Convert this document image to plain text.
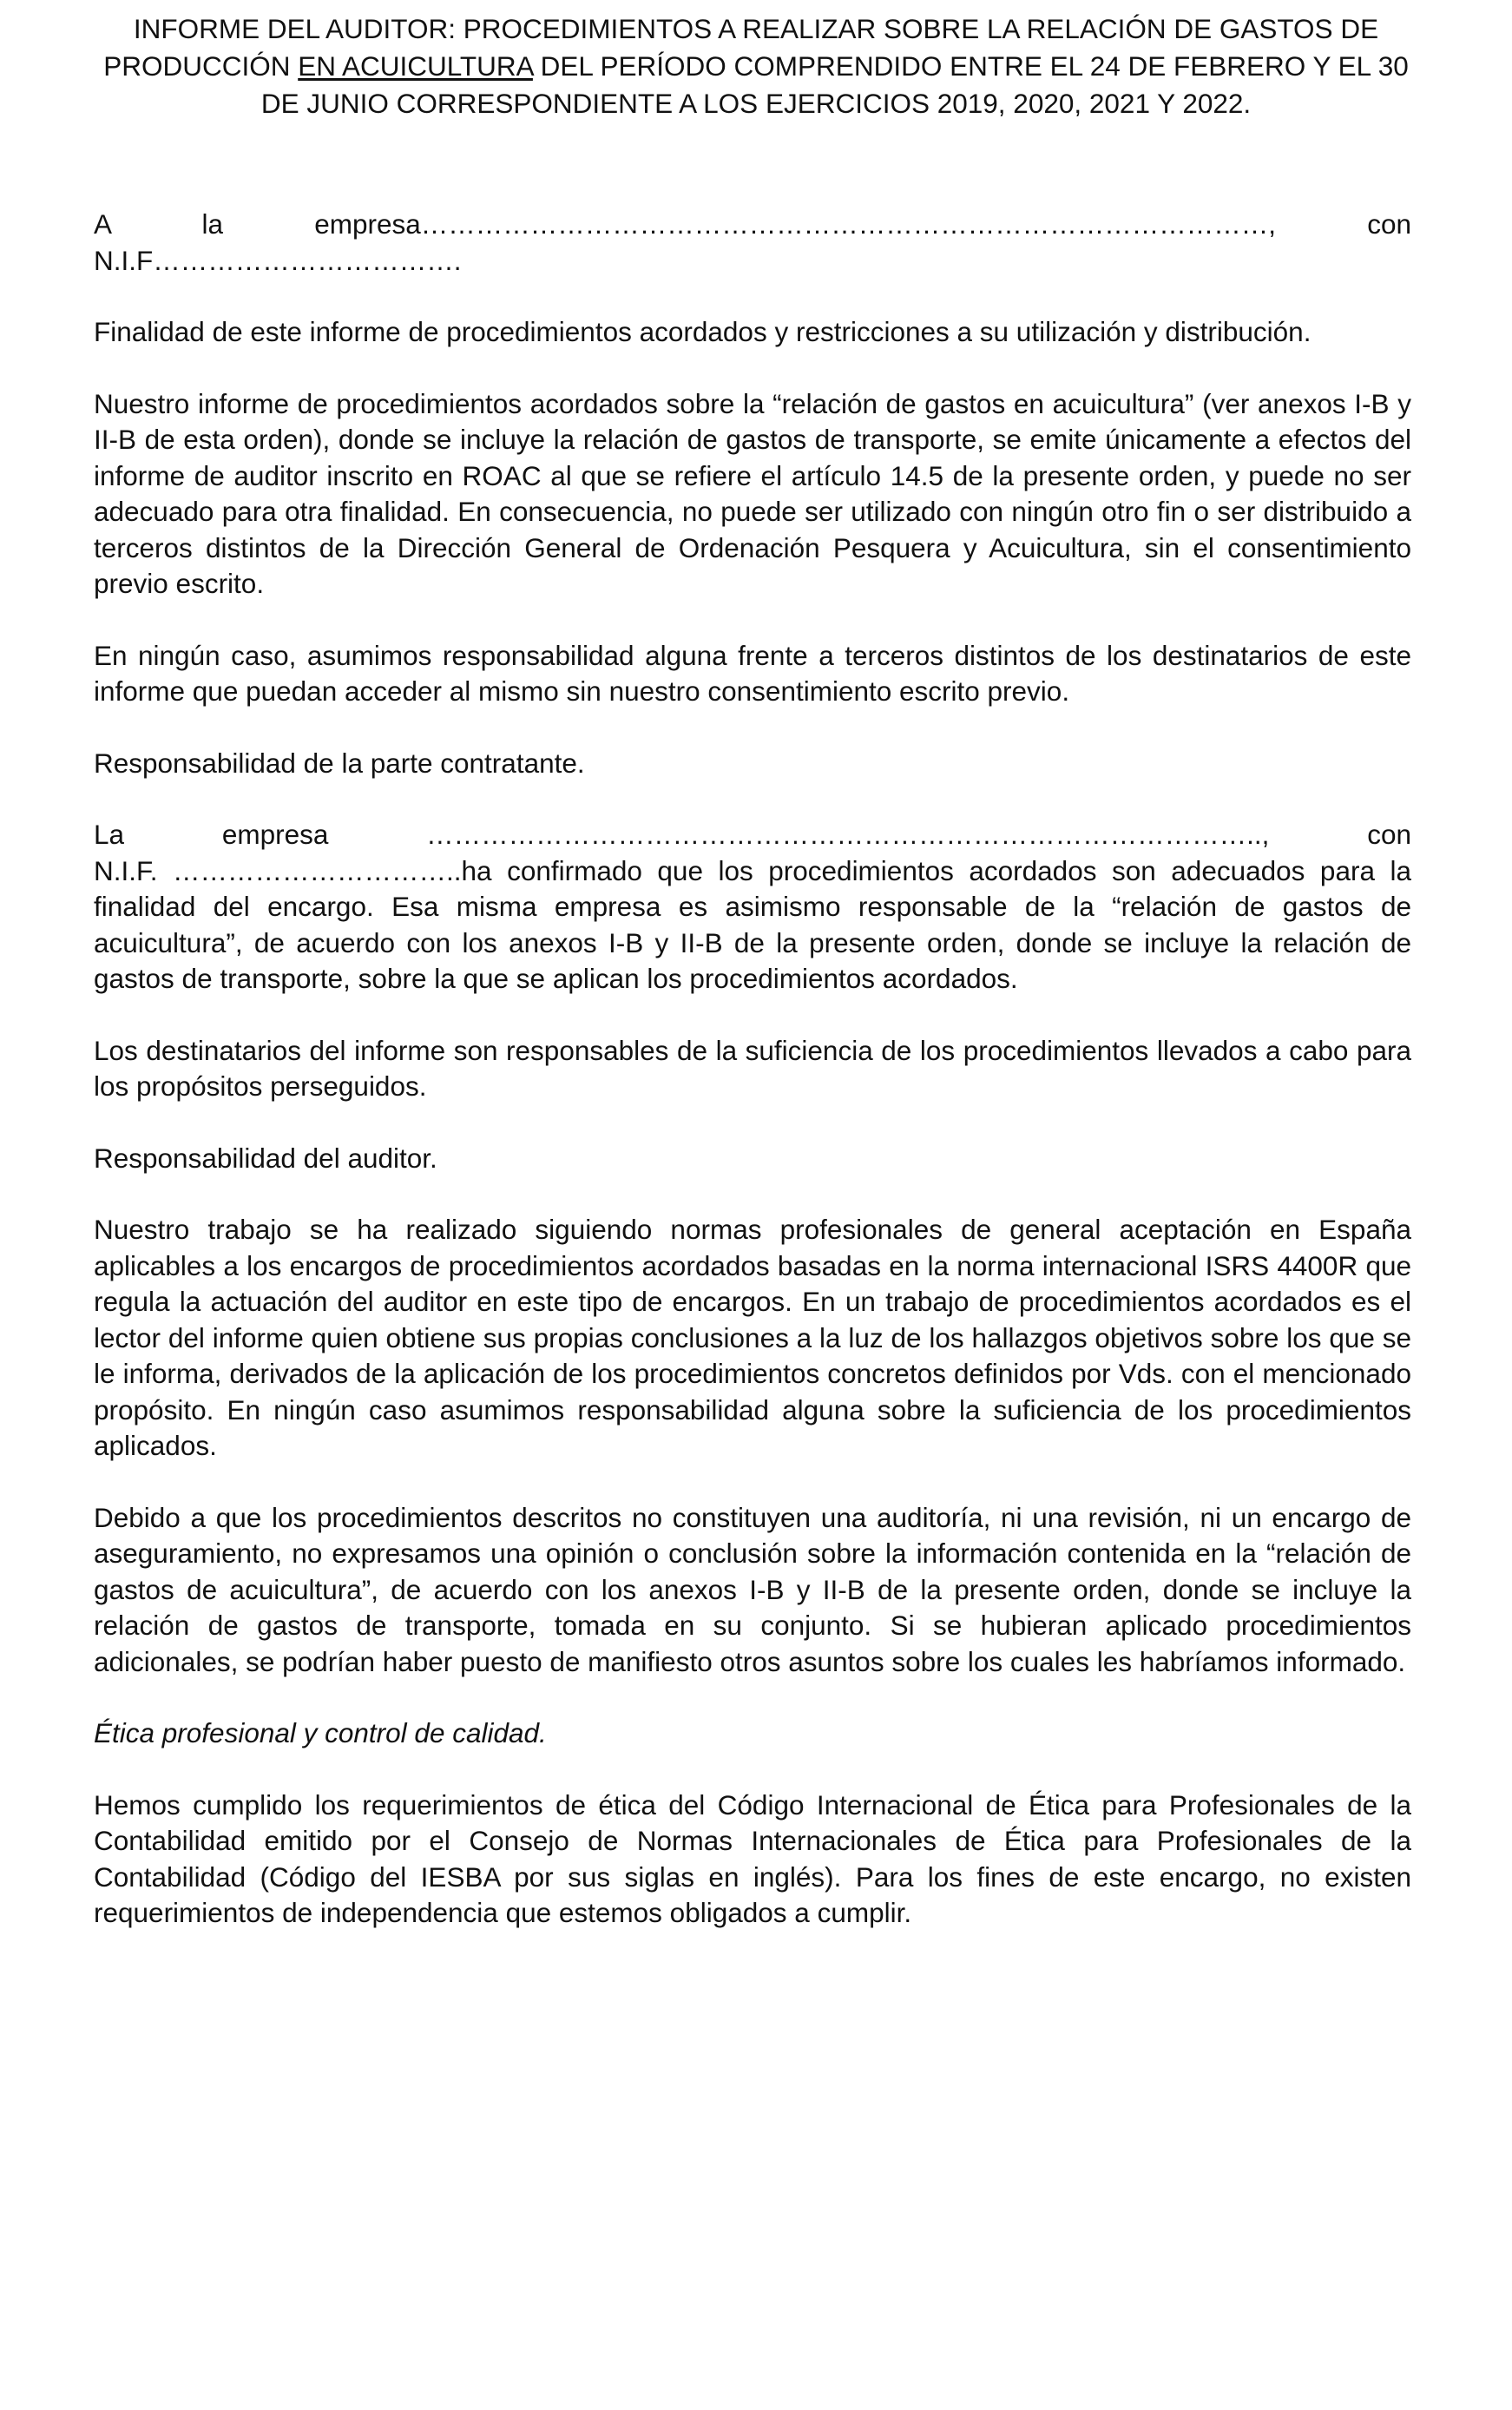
INFORME DEL AUDITOR: PROCEDIMIENTOS A REALIZAR SOBRE LA RELACIÓN DE GASTOS DE PRODUCCIÓN EN ACUICULTURA DEL PERÍODO COMPRENDIDO ENTRE EL 24 DE FEBRERO Y EL 30 DE JUNIO CORRESPONDIENTE A LOS EJERCICIOS 2019, 2020, 2021 Y 2022.

A la empresa…………………………………………………………………………………, con
N.I.F…………………………….

Finalidad de este informe de procedimientos acordados y restricciones a su utilización y distribución.

Nuestro informe de procedimientos acordados sobre la “relación de gastos en acuicultura” (ver anexos I-B y II-B de esta orden), donde se incluye la relación de gastos de transporte, se emite únicamente a efectos del informe de auditor inscrito en ROAC al que se refiere el artículo 14.5 de la presente orden, y puede no ser adecuado para otra finalidad. En consecuencia, no puede ser utilizado con ningún otro fin o ser distribuido a terceros distintos de la Dirección General de Ordenación Pesquera y Acuicultura, sin el consentimiento previo escrito.

En ningún caso, asumimos responsabilidad alguna frente a terceros distintos de los destinatarios de este informe que puedan acceder al mismo sin nuestro consentimiento escrito previo.

Responsabilidad de la parte contratante.

La empresa ……………………………………………………………………………….., con
N.I.F. …………………………..ha confirmado que los procedimientos acordados son adecuados para la finalidad del encargo. Esa misma empresa es asimismo responsable de la “relación de gastos de acuicultura”, de acuerdo con los anexos I-B y II-B de la presente orden, donde se incluye la relación de gastos de transporte, sobre la que se aplican los procedimientos acordados.

Los destinatarios del informe son responsables de la suficiencia de los procedimientos llevados a cabo para los propósitos perseguidos.

Responsabilidad del auditor.

Nuestro trabajo se ha realizado siguiendo normas profesionales de general aceptación en España aplicables a los encargos de procedimientos acordados basadas en la norma internacional ISRS 4400R que regula la actuación del auditor en este tipo de encargos. En un trabajo de procedimientos acordados es el lector del informe quien obtiene sus propias conclusiones a la luz de los hallazgos objetivos sobre los que se le informa, derivados de la aplicación de los procedimientos concretos definidos por Vds. con el mencionado propósito. En ningún caso asumimos responsabilidad alguna sobre la suficiencia de los procedimientos aplicados.

Debido a que los procedimientos descritos no constituyen una auditoría, ni una revisión, ni un encargo de aseguramiento, no expresamos una opinión o conclusión sobre la información contenida en la “relación de gastos de acuicultura”, de acuerdo con los anexos I-B y II-B de la presente orden, donde se incluye la relación de gastos de transporte, tomada en su conjunto. Si se hubieran aplicado procedimientos adicionales, se podrían haber puesto de manifiesto otros asuntos sobre los cuales les habríamos informado.

Ética profesional y control de calidad.

Hemos cumplido los requerimientos de ética del Código Internacional de Ética para Profesionales de la Contabilidad emitido por el Consejo de Normas Internacionales de Ética para Profesionales de la Contabilidad (Código del IESBA por sus siglas en inglés). Para los fines de este encargo, no existen requerimientos de independencia que estemos obligados a cumplir.
